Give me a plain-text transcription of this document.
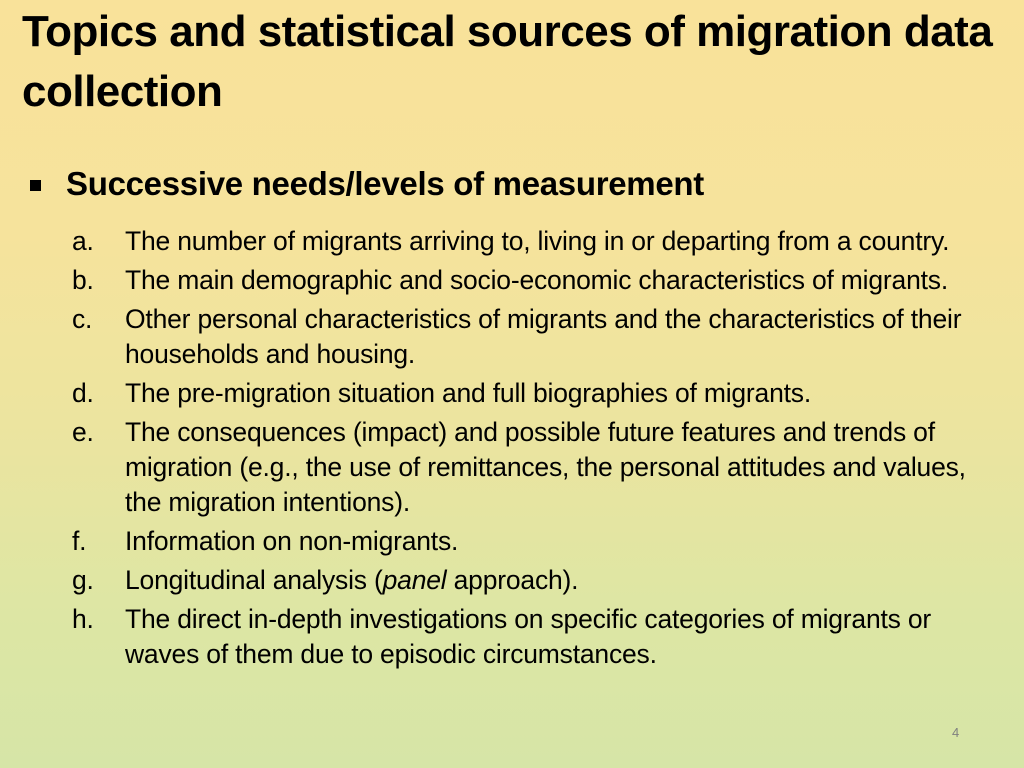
Topics and statistical sources of migration data collection
Successive needs/levels of measurement
a.	The number of migrants arriving to, living in or departing from a country.
b.	The main demographic and socio-economic characteristics of migrants.
c.	Other personal characteristics of migrants and the characteristics of their households and housing.
d.	The pre-migration situation and full biographies of migrants.
e.	The consequences (impact) and possible future features and trends of migration (e.g., the use of remittances, the personal attitudes and values, the migration intentions).
f.	Information on non-migrants.
g.	Longitudinal analysis (panel approach).
h.	The direct in-depth investigations on specific categories of migrants or waves of them due to episodic circumstances.
4
